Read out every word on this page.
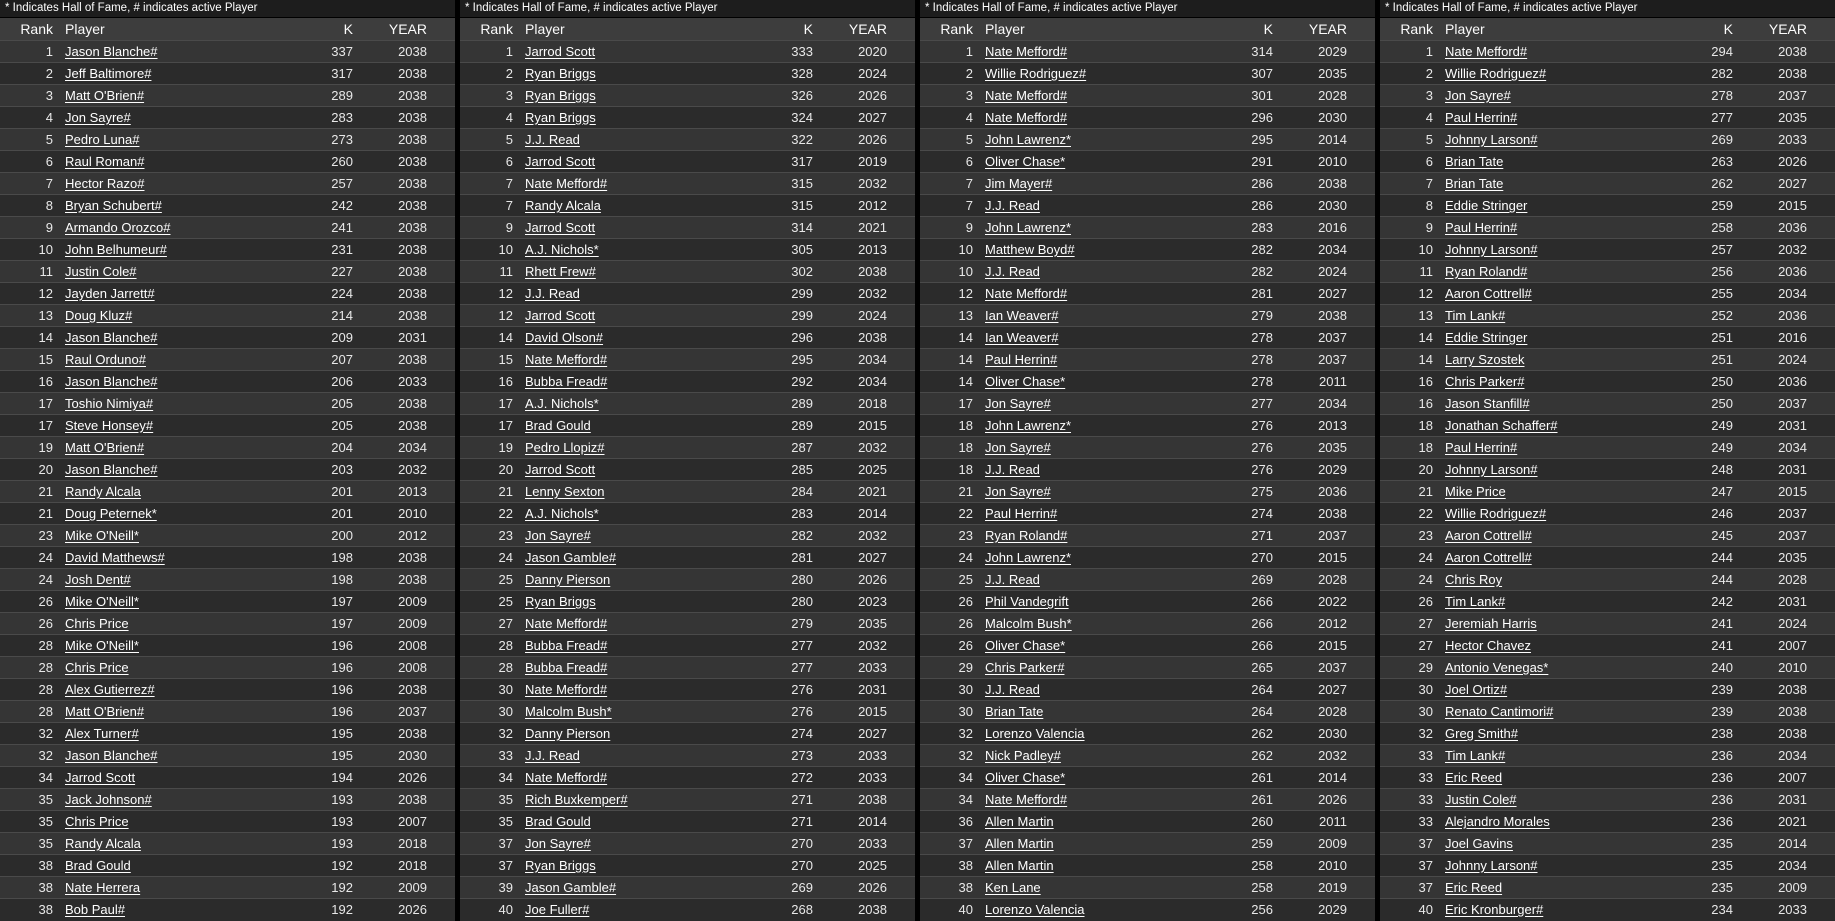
* Indicates Hall of Fame, # indicates active Player
Rank Player	K	YEAR
1 Jason Blanche#	337	2038
2 Jeff Baltimore#	317	2038
3 Matt O'Brien#	289	2038
4 Jon Sayre#	283	2038
5 Pedro Luna#	273	2038
6 Raul Roman#	260	2038
7 Hector Razo#	257	2038
8 Bryan Schubert#	242	2038
9 Armando Orozco#	241	2038
10 John Belhumeur#	231	2038
11 Justin Cole#	227	2038
12 Jayden Jarrett#	224	2038
13 Doug Kluz#	214	2038
14 Jason Blanche#	209	2031
15 Raul Orduno#	207	2038
16 Jason Blanche#	206	2033
17 Toshio Nimiya#	205	2038
17 Steve Honsey#	205	2038
19 Matt O'Brien#	204	2034
20 Jason Blanche#	203	2032
21 Randy Alcala	201	2013
21 Doug Peternek*	201	2010
23 Mike O'Neill*	200	2012
24 David Matthews#	198	2038
24 Josh Dent#	198	2038
26 Mike O'Neill*	197	2009
26 Chris Price	197	2009
28 Mike O'Neill*	196	2008
28 Chris Price	196	2008
28 Alex Gutierrez#	196	2038
28 Matt O'Brien#	196	2037
32 Alex Turner#	195	2038
32 Jason Blanche#	195	2030
34 Jarrod Scott	194	2026
35 Jack Johnson#	193	2038
35 Chris Price	193	2007
35 Randy Alcala	193	2018
38 Brad Gould	192	2018
38 Nate Herrera	192	2009
38 Bob Paul#	192	2026
* Indicates Hall of Fame, # indicates active Player
Rank Player	K	YEAR
1 Jarrod Scott	333	2020
2 Ryan Briggs	328	2024
3 Ryan Briggs	326	2026
4 Ryan Briggs	324	2027
5 J.J. Read	322	2026
6 Jarrod Scott	317	2019
7 Nate Mefford#	315	2032
7 Randy Alcala	315	2012
9 Jarrod Scott	314	2021
10 A.J. Nichols*	305	2013
11 Rhett Frew#	302	2038
12 J.J. Read	299	2032
12 Jarrod Scott	299	2024
14 David Olson#	296	2038
15 Nate Mefford#	295	2034
16 Bubba Fread#	292	2034
17 A.J. Nichols*	289	2018
17 Brad Gould	289	2015
19 Pedro Llopiz#	287	2032
20 Jarrod Scott	285	2025
21 Lenny Sexton	284	2021
22 A.J. Nichols*	283	2014
23 Jon Sayre#	282	2032
24 Jason Gamble#	281	2027
25 Danny Pierson	280	2026
25 Ryan Briggs	280	2023
27 Nate Mefford#	279	2035
28 Bubba Fread#	277	2032
28 Bubba Fread#	277	2033
30 Nate Mefford#	276	2031
30 Malcolm Bush*	276	2015
32 Danny Pierson	274	2027
33 J.J. Read	273	2033
34 Nate Mefford#	272	2033
35 Rich Buxkemper#	271	2038
35 Brad Gould	271	2014
37 Jon Sayre#	270	2033
37 Ryan Briggs	270	2025
39 Jason Gamble#	269	2026
40 Joe Fuller#	268	2038
* Indicates Hall of Fame, # indicates active Player
Rank Player	K	YEAR
1 Nate Mefford#	314	2029
2 Willie Rodriguez#	307	2035
3 Nate Mefford#	301	2028
4 Nate Mefford#	296	2030
5 John Lawrenz*	295	2014
6 Oliver Chase*	291	2010
7 Jim Mayer#	286	2038
7 J.J. Read	286	2030
9 John Lawrenz*	283	2016
10 Matthew Boyd#	282	2034
10 J.J. Read	282	2024
12 Nate Mefford#	281	2027
13 Ian Weaver#	279	2038
14 Ian Weaver#	278	2037
14 Paul Herrin#	278	2037
14 Oliver Chase*	278	2011
17 Jon Sayre#	277	2034
18 John Lawrenz*	276	2013
18 Jon Sayre#	276	2035
18 J.J. Read	276	2029
21 Jon Sayre#	275	2036
22 Paul Herrin#	274	2038
23 Ryan Roland#	271	2037
24 John Lawrenz*	270	2015
25 J.J. Read	269	2028
26 Phil Vandegrift	266	2022
26 Malcolm Bush*	266	2012
26 Oliver Chase*	266	2015
29 Chris Parker#	265	2037
30 J.J. Read	264	2027
30 Brian Tate	264	2028
32 Lorenzo Valencia	262	2030
32 Nick Padley#	262	2032
34 Oliver Chase*	261	2014
34 Nate Mefford#	261	2026
36 Allen Martin	260	2011
37 Allen Martin	259	2009
38 Allen Martin	258	2010
38 Ken Lane	258	2019
40 Lorenzo Valencia	256	2029
* Indicates Hall of Fame, # indicates active Player
Rank Player	K	YEAR
1 Nate Mefford#	294	2038
2 Willie Rodriguez#	282	2038
3 Jon Sayre#	278	2037
4 Paul Herrin#	277	2035
5 Johnny Larson#	269	2033
6 Brian Tate	263	2026
7 Brian Tate	262	2027
8 Eddie Stringer	259	2015
9 Paul Herrin#	258	2036
10 Johnny Larson#	257	2032
11 Ryan Roland#	256	2036
12 Aaron Cottrell#	255	2034
13 Tim Lank#	252	2036
14 Eddie Stringer	251	2016
14 Larry Szostek	251	2024
16 Chris Parker#	250	2036
16 Jason Stanfill#	250	2037
18 Jonathan Schaffer#	249	2031
18 Paul Herrin#	249	2034
20 Johnny Larson#	248	2031
21 Mike Price	247	2015
22 Willie Rodriguez#	246	2037
23 Aaron Cottrell#	245	2037
24 Aaron Cottrell#	244	2035
24 Chris Roy	244	2028
26 Tim Lank#	242	2031
27 Jeremiah Harris	241	2024
27 Hector Chavez	241	2007
29 Antonio Venegas*	240	2010
30 Joel Ortiz#	239	2038
30 Renato Cantimori#	239	2038
32 Greg Smith#	238	2038
33 Tim Lank#	236	2034
33 Eric Reed	236	2007
33 Justin Cole#	236	2031
33 Alejandro Morales	236	2021
37 Joel Gavins	235	2014
37 Johnny Larson#	235	2034
37 Eric Reed	235	2009
40 Eric Kronburger#	234	2033
